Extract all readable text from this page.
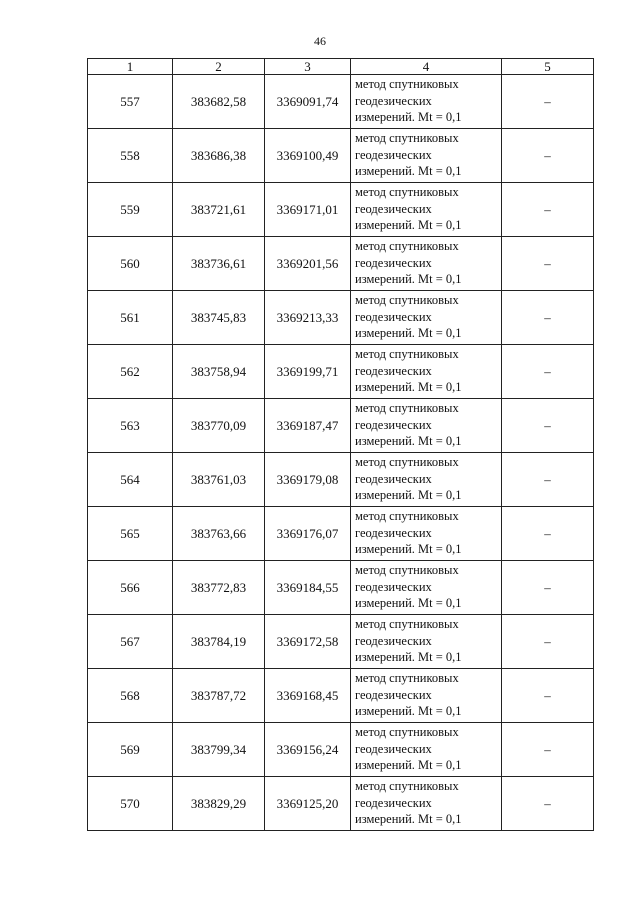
46
1	2	3	4	5
557	383682,58	3369091,74	метод спутниковых
геодезических
измерений. Mt = 0,1	–
558	383686,38	3369100,49	метод спутниковых
геодезических
измерений. Mt = 0,1	–
559	383721,61	3369171,01	метод спутниковых
геодезических
измерений. Mt = 0,1	–
560	383736,61	3369201,56	метод спутниковых
геодезических
измерений. Mt = 0,1	–
561	383745,83	3369213,33	метод спутниковых
геодезических
измерений. Mt = 0,1	–
562	383758,94	3369199,71	метод спутниковых
геодезических
измерений. Mt = 0,1	–
563	383770,09	3369187,47	метод спутниковых
геодезических
измерений. Mt = 0,1	–
564	383761,03	3369179,08	метод спутниковых
геодезических
измерений. Mt = 0,1	–
565	383763,66	3369176,07	метод спутниковых
геодезических
измерений. Mt = 0,1	–
566	383772,83	3369184,55	метод спутниковых
геодезических
измерений. Mt = 0,1	–
567	383784,19	3369172,58	метод спутниковых
геодезических
измерений. Mt = 0,1	–
568	383787,72	3369168,45	метод спутниковых
геодезических
измерений. Mt = 0,1	–
569	383799,34	3369156,24	метод спутниковых
геодезических
измерений. Mt = 0,1	–
570	383829,29	3369125,20	метод спутниковых
геодезических
измерений. Mt = 0,1	–
